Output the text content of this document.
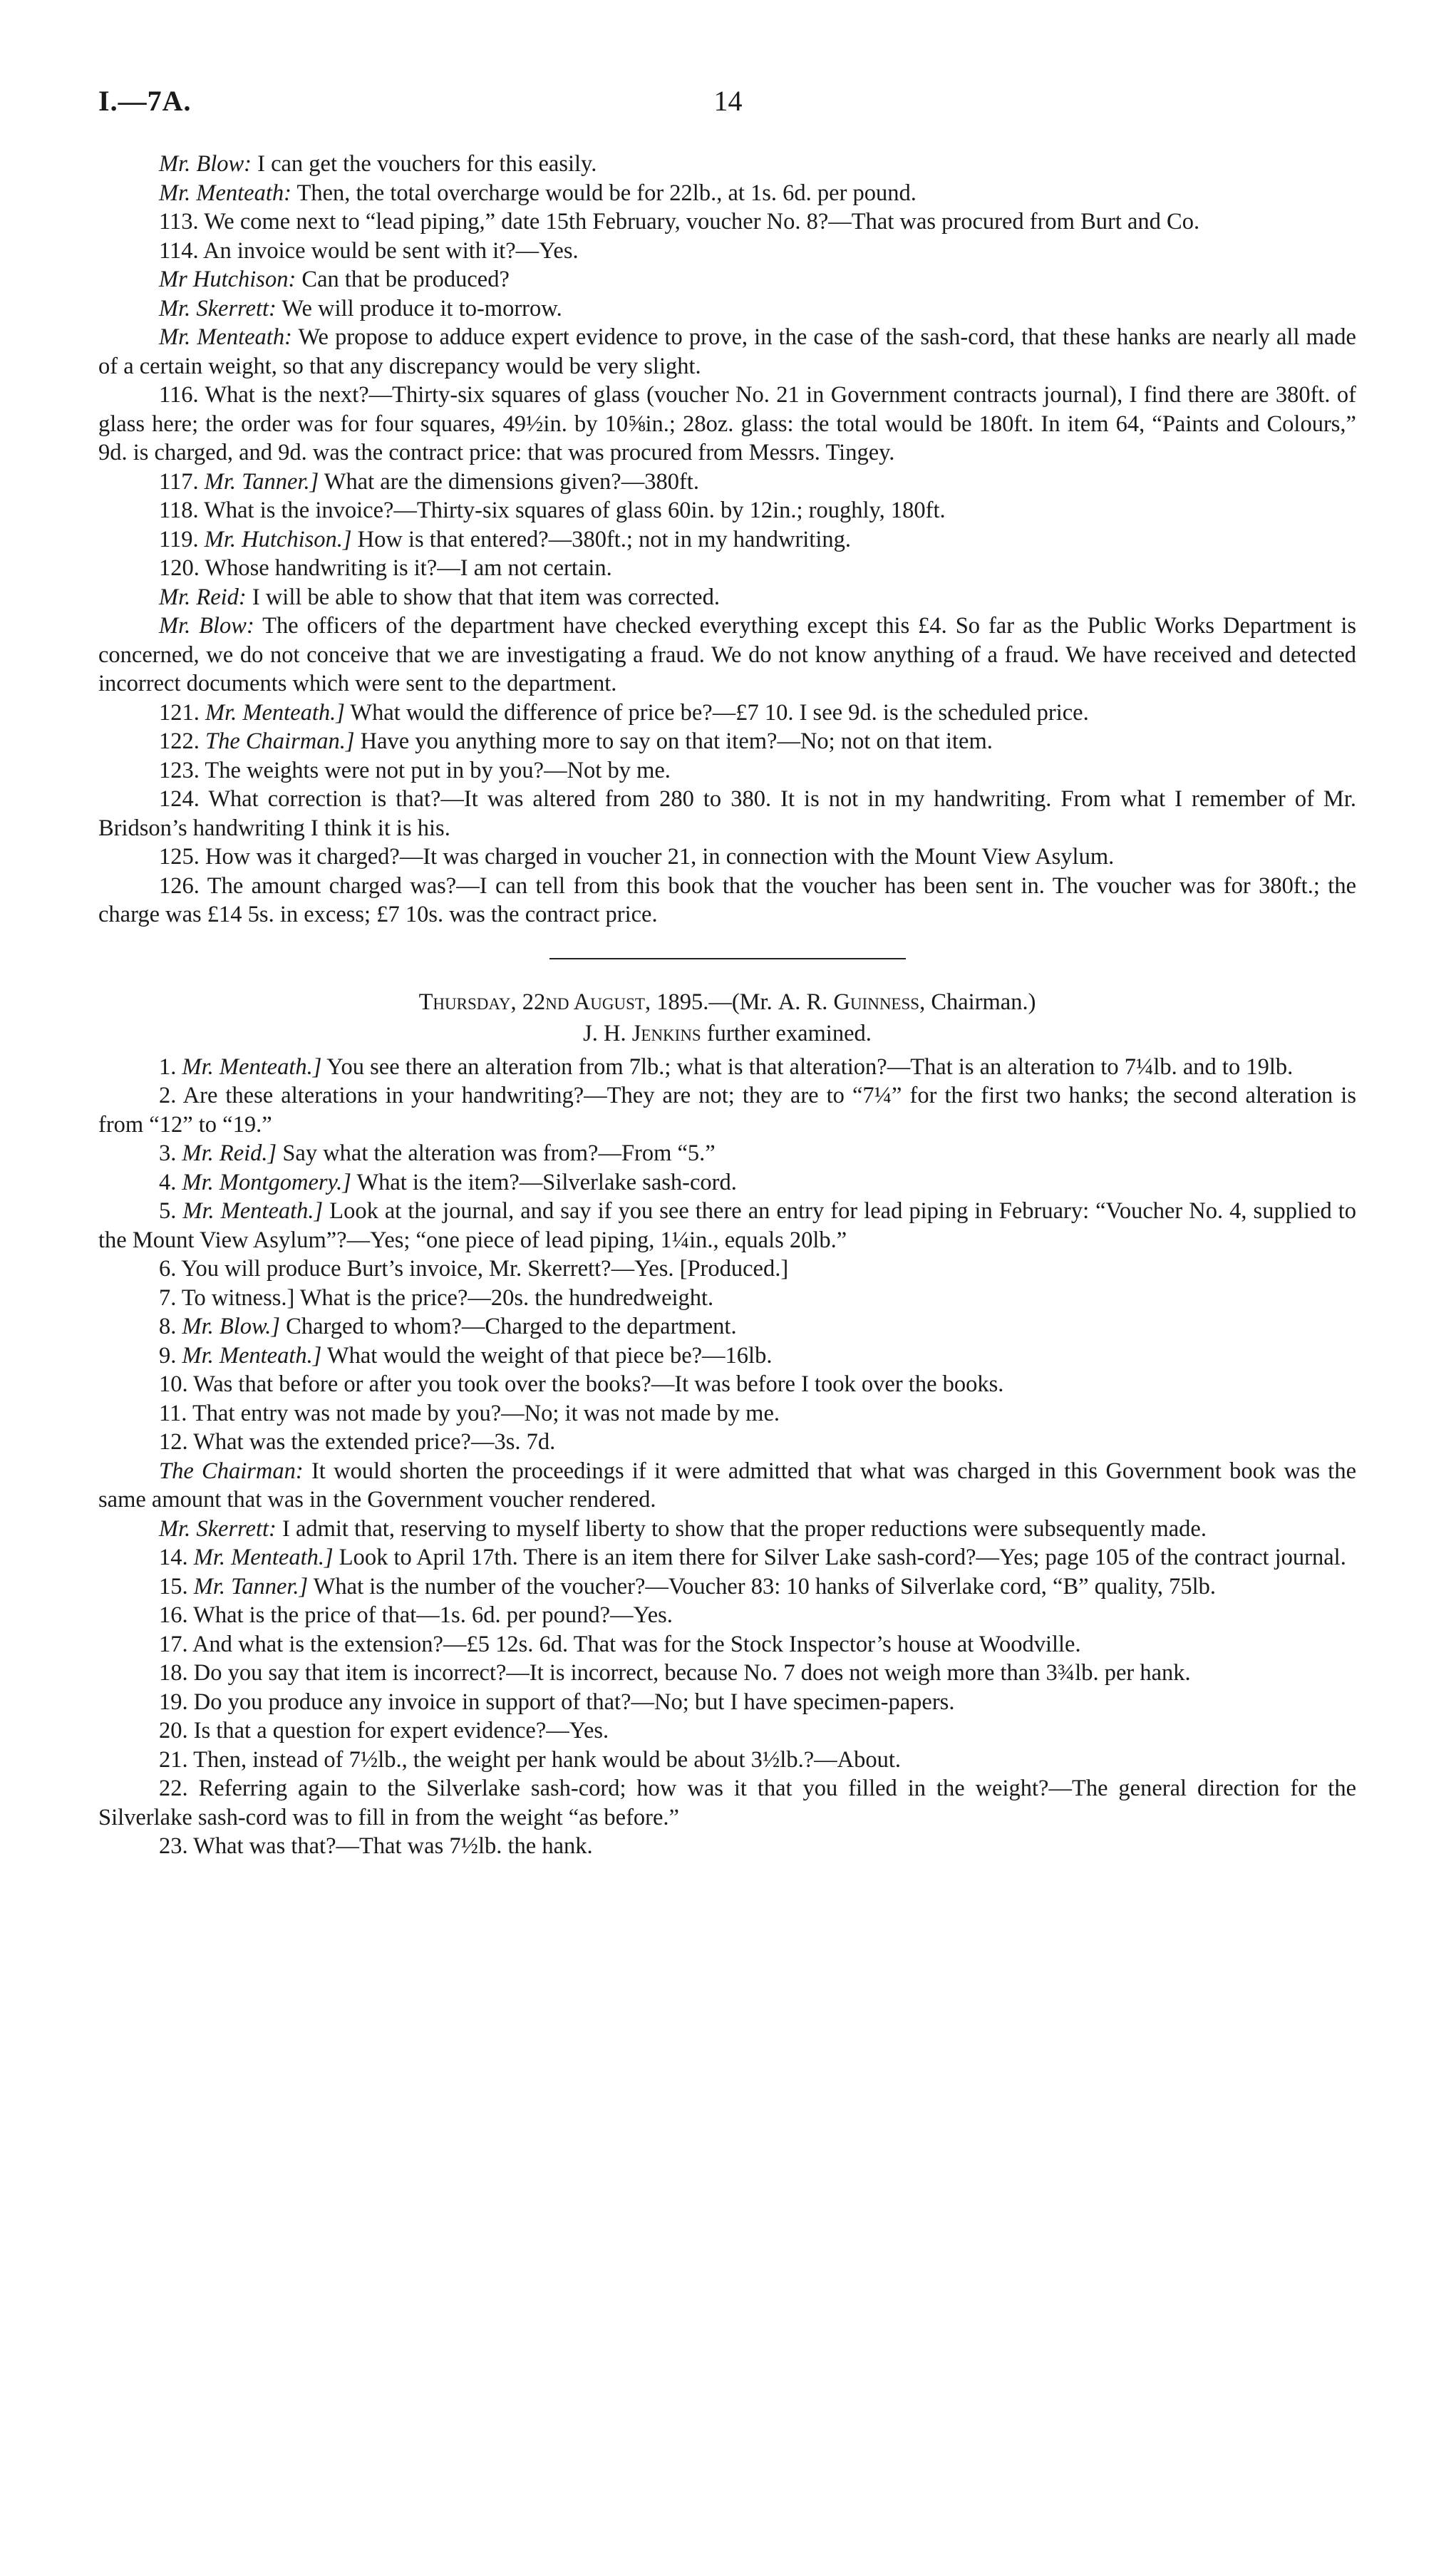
I.—7A.	14

Mr. Blow: I can get the vouchers for this easily.

Mr. Menteath: Then, the total overcharge would be for 22lb., at 1s. 6d. per pound.

113. We come next to “lead piping,” date 15th February, voucher No. 8?—That was procured from Burt and Co.

114. An invoice would be sent with it?—Yes.

Mr Hutchison: Can that be produced?

Mr. Skerrett: We will produce it to-morrow.

Mr. Menteath: We propose to adduce expert evidence to prove, in the case of the sash-cord, that these hanks are nearly all made of a certain weight, so that any discrepancy would be very slight.

116. What is the next?—Thirty-six squares of glass (voucher No. 21 in Government contracts journal), I find there are 380ft. of glass here; the order was for four squares, 49½in. by 10⅝in.; 28oz. glass: the total would be 180ft. In item 64, “Paints and Colours,” 9d. is charged, and 9d. was the contract price: that was procured from Messrs. Tingey.

117. Mr. Tanner.] What are the dimensions given?—380ft.

118. What is the invoice?—Thirty-six squares of glass 60in. by 12in.; roughly, 180ft.

119. Mr. Hutchison.] How is that entered?—380ft.; not in my handwriting.

120. Whose handwriting is it?—I am not certain.

Mr. Reid: I will be able to show that that item was corrected.

Mr. Blow: The officers of the department have checked everything except this £4. So far as the Public Works Department is concerned, we do not conceive that we are investigating a fraud. We do not know anything of a fraud. We have received and detected incorrect documents which were sent to the department.

121. Mr. Menteath.] What would the difference of price be?—£7 10. I see 9d. is the scheduled price.

122. The Chairman.] Have you anything more to say on that item?—No; not on that item.

123. The weights were not put in by you?—Not by me.

124. What correction is that?—It was altered from 280 to 380. It is not in my handwriting. From what I remember of Mr. Bridson’s handwriting I think it is his.

125. How was it charged?—It was charged in voucher 21, in connection with the Mount View Asylum.

126. The amount charged was?—I can tell from this book that the voucher has been sent in. The voucher was for 380ft.; the charge was £14 5s. in excess; £7 10s. was the contract price.

Thursday, 22nd August, 1895.—(Mr. A. R. Guinness, Chairman.)

J. H. Jenkins further examined.

1. Mr. Menteath.] You see there an alteration from 7lb.; what is that alteration?—That is an alteration to 7¼lb. and to 19lb.

2. Are these alterations in your handwriting?—They are not; they are to “7¼” for the first two hanks; the second alteration is from “12” to “19.”

3. Mr. Reid.] Say what the alteration was from?—From “5.”

4. Mr. Montgomery.] What is the item?—Silverlake sash-cord.

5. Mr. Menteath.] Look at the journal, and say if you see there an entry for lead piping in February: “Voucher No. 4, supplied to the Mount View Asylum”?—Yes; “one piece of lead piping, 1¼in., equals 20lb.”

6. You will produce Burt’s invoice, Mr. Skerrett?—Yes. [Produced.]

7. To witness.] What is the price?—20s. the hundredweight.

8. Mr. Blow.] Charged to whom?—Charged to the department.

9. Mr. Menteath.] What would the weight of that piece be?—16lb.

10. Was that before or after you took over the books?—It was before I took over the books.

11. That entry was not made by you?—No; it was not made by me.

12. What was the extended price?—3s. 7d.

The Chairman: It would shorten the proceedings if it were admitted that what was charged in this Government book was the same amount that was in the Government voucher rendered.

Mr. Skerrett: I admit that, reserving to myself liberty to show that the proper reductions were subsequently made.

14. Mr. Menteath.] Look to April 17th. There is an item there for Silver Lake sash-cord?—Yes; page 105 of the contract journal.

15. Mr. Tanner.] What is the number of the voucher?—Voucher 83: 10 hanks of Silverlake cord, “B” quality, 75lb.

16. What is the price of that—1s. 6d. per pound?—Yes.

17. And what is the extension?—£5 12s. 6d. That was for the Stock Inspector’s house at Woodville.

18. Do you say that item is incorrect?—It is incorrect, because No. 7 does not weigh more than 3¾lb. per hank.

19. Do you produce any invoice in support of that?—No; but I have specimen-papers.

20. Is that a question for expert evidence?—Yes.

21. Then, instead of 7½lb., the weight per hank would be about 3½lb.?—About.

22. Referring again to the Silverlake sash-cord; how was it that you filled in the weight?—The general direction for the Silverlake sash-cord was to fill in from the weight “as before.”

23. What was that?—That was 7½lb. the hank.
